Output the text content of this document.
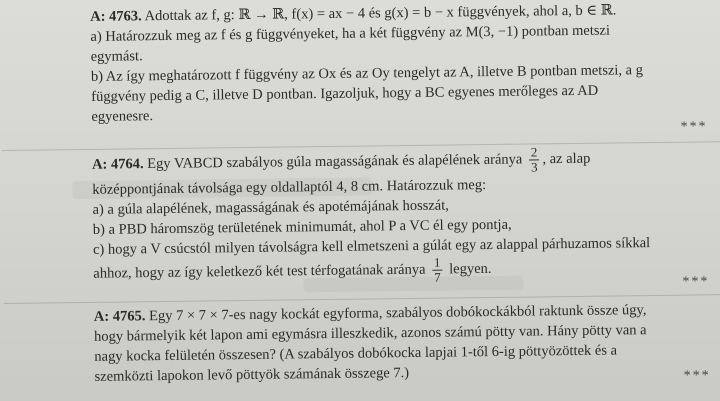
A: 4763. Adottak az f, g: ℝ → ℝ, f(x) = ax − 4 és g(x) = b − x függvények, ahol a, b ∈ ℝ.
a) Határozzuk meg az f és g függvényeket, ha a két függvény az M(3, −1) pontban metszi egymást.
b) Az így meghatározott f függvény az Ox és az Oy tengelyt az A, illetve B pontban metszi, a g függvény pedig a C, illetve D pontban. Igazoljuk, hogy a BC egyenes merőleges az AD egyenesre.
***
A: 4764. Egy VABCD szabályos gúla magasságának és alapélének aránya $\frac{2}{3}$ , az alap középpontjának távolsága egy oldallaptól 4, 8 cm. Határozzuk meg:
a) a gúla alapélének, magasságának és apotémájának hosszát,
b) a PBD háromszög területének minimumát, ahol P a VC él egy pontja,
c) hogy a V csúcstól milyen távolságra kell elmetszeni a gúlát egy az alappal párhuzamos síkkal ahhoz, hogy az így keletkező két test térfogatának aránya $\frac{1}{7}$ legyen.
***
A: 4765. Egy 7 × 7 × 7-es nagy kockát egyforma, szabályos dobókockákból raktunk össze úgy, hogy bármelyik két lapon ami egymásra illeszkedik, azonos számú pötty van. Hány pötty van a nagy kocka felületén összesen? (A szabályos dobókocka lapjai 1-től 6-ig pöttyözöttek és a szemközti lapokon levő pöttyök számának összege 7.)	***
